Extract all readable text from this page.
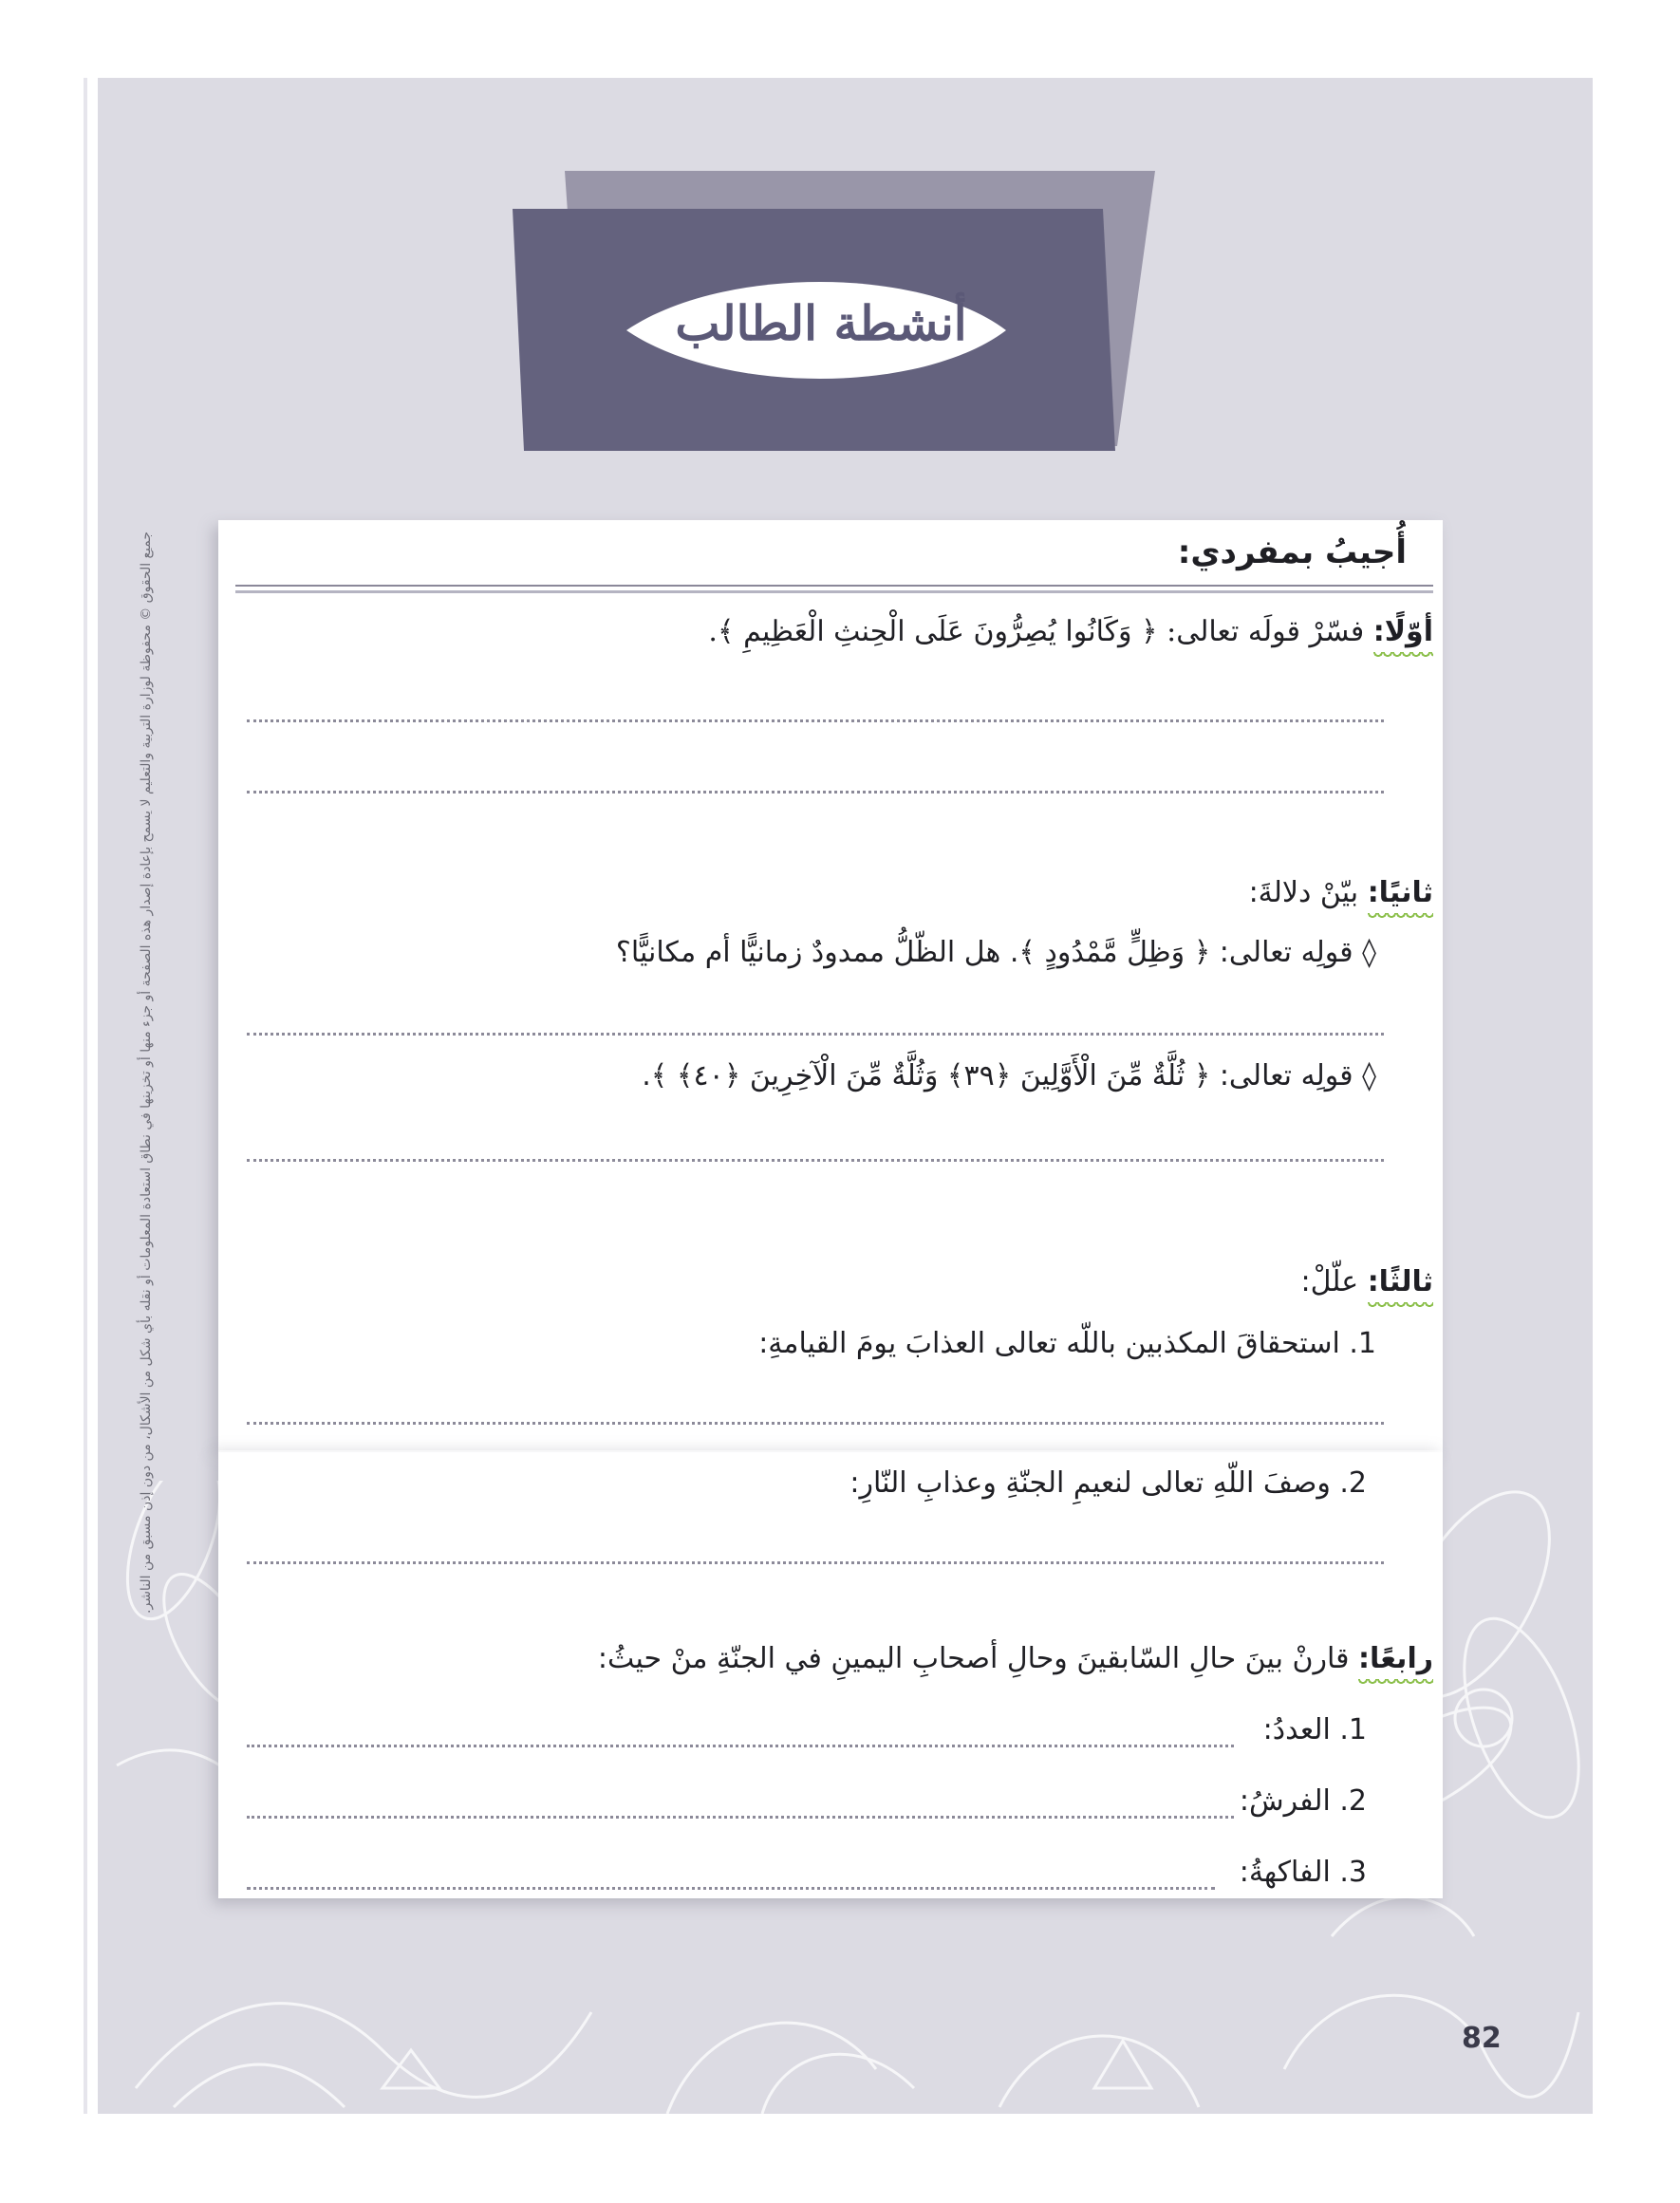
أنشطة الطالب
جميع الحقوق © محفوظة لوزارة التربية والتعليم لا يسمح بإعادة إصدار هذه الصفحة أو جزء منها أو تخزينها في نطاق استعادة المعلومات أو نقله بأي شكل من الأشكال، من دون إذن مسبق من الناشر.	أُجيبُ بمفردي:
أوّلًا: فسّرْ قولَه تعالى: ﴿ وَكَانُوا يُصِرُّونَ عَلَى الْحِنثِ الْعَظِيمِ ﴾.
ثانيًا: بيّنْ دلالةَ:
◊ قولِه تعالى: ﴿ وَظِلٍّ مَّمْدُودٍ ﴾. هل الظّلُّ ممدودٌ زمانيًّا أم مكانيًّا؟
◊ قولِه تعالى: ﴿ ثُلَّةٌ مِّنَ الْأَوَّلِينَ ﴿٣٩﴾ وَثُلَّةٌ مِّنَ الْآخِرِينَ ﴿٤٠﴾ ﴾.
ثالثًا: علّلْ:
1. استحقاقَ المكذبين باللّه تعالى العذابَ يومَ القيامةِ:
2. وصفَ اللّهِ تعالى لنعيمِ الجنّةِ وعذابِ النّارِ:
رابعًا: قارنْ بينَ حالِ السّابقينَ وحالِ أصحابِ اليمينِ في الجنّةِ منْ حيثُ:
1. العددُ:
2. الفرشُ:
3. الفاكهةُ:
82
